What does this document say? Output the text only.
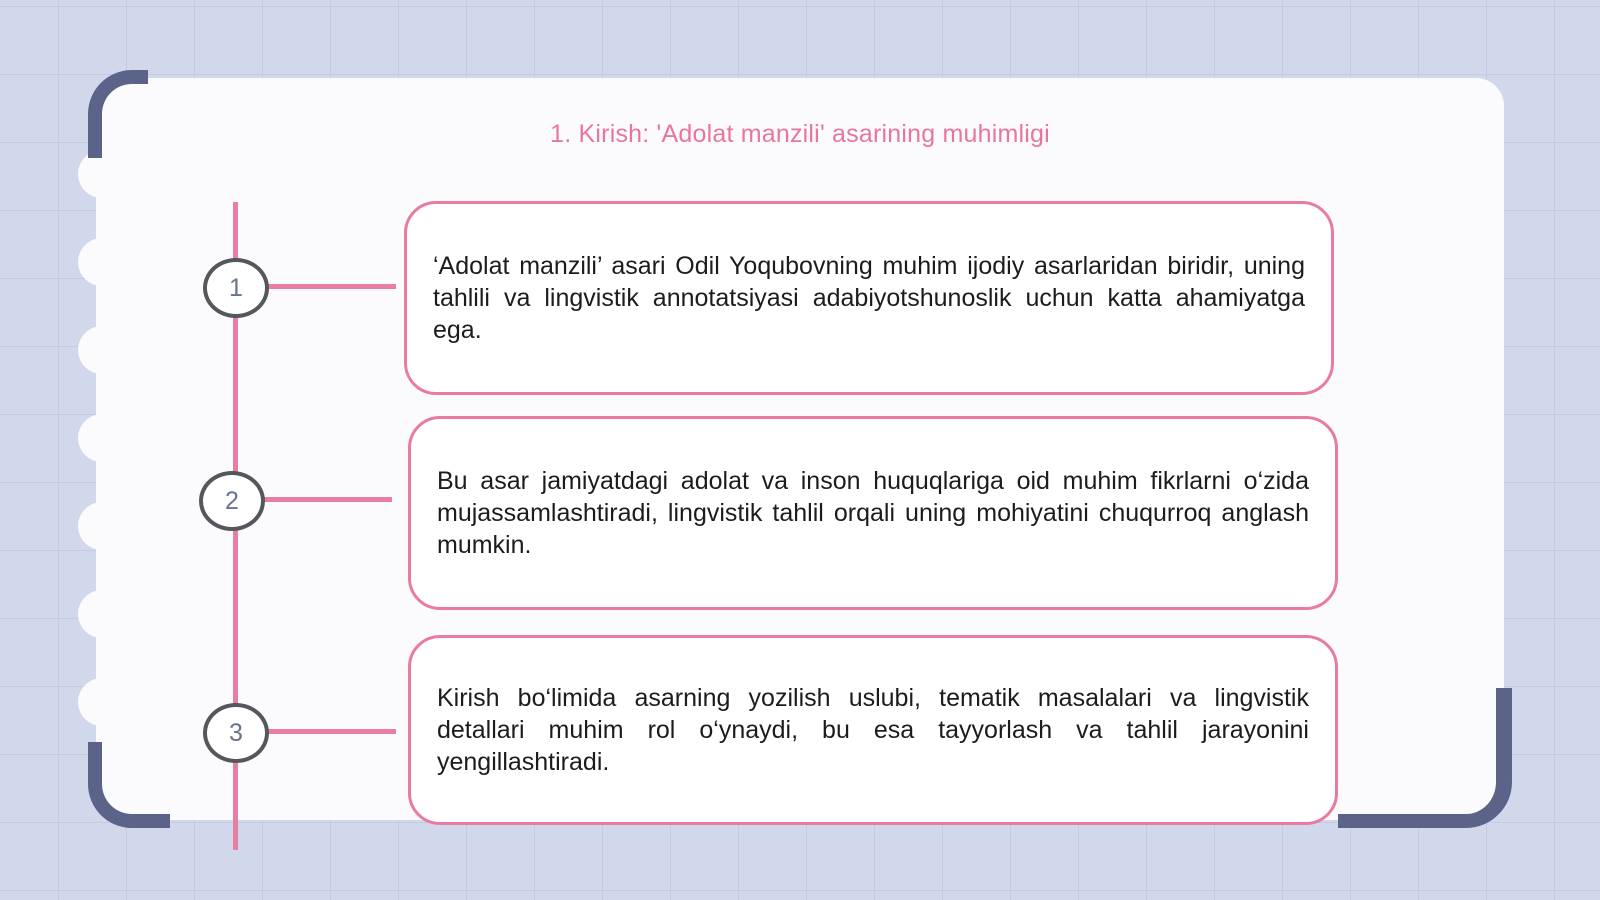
1. Kirish: 'Adolat manzili' asarining muhimligi
1
2
3
‘Adolat manzili’ asari Odil Yoqubovning muhim ijodiy asarlaridan biridir, uning tahlili va lingvistik annotatsiyasi adabiyotshunoslik uchun katta ahamiyatga ega.
Bu asar jamiyatdagi adolat va inson huquqlariga oid muhim fikrlarni o‘zida mujassamlashtiradi, lingvistik tahlil orqali uning mohiyatini chuqurroq anglash mumkin.
Kirish bo‘limida asarning yozilish uslubi, tematik masalalari va lingvistik detallari muhim rol o‘ynaydi, bu esa tayyorlash va tahlil jarayonini yengillashtiradi.
